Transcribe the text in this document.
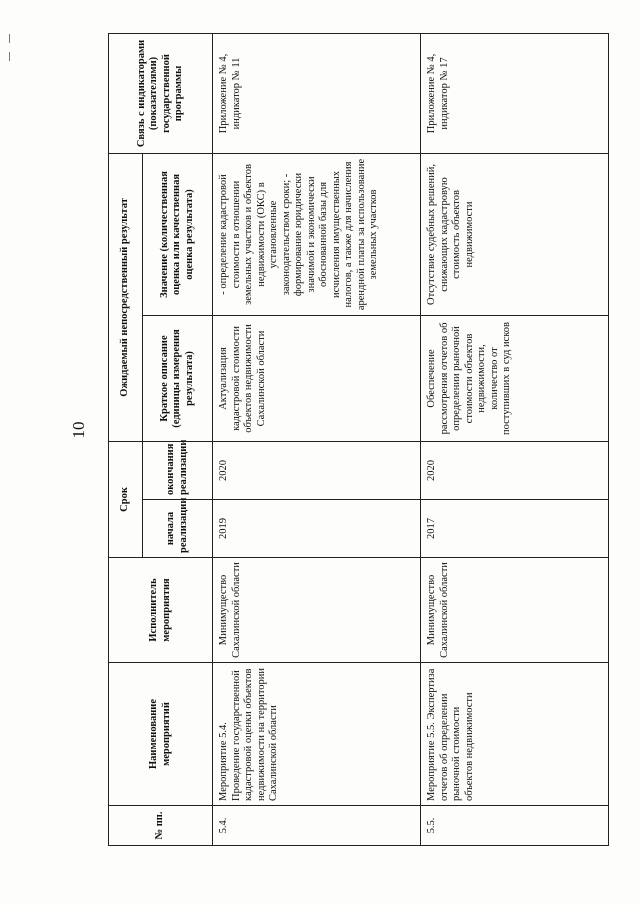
10
№ пп.	Наименование мероприятий	Исполнитель мероприятия	Срок		Ожидаемый непосредственный результат		Связь с индикаторами (показателями) государственной программы
			начала реализации	окончания реализации	Краткое описание (единицы измерения результата)	Значение (количественная оценка или качественная оценка результата)	
5.4.	Мероприятие 5.4. Проведение государственной кадастровой оценки объектов недвижимости на территории Сахалинской области	Минимущество Сахалинской области	2019	2020	Актуализация кадастровой стоимости объектов недвижимости Сахалинской области	- определение кадастровой стоимости в отношении земельных участков и объектов недвижимости (ОКС) в установленные законодательством сроки; - формирование юридически значимой и экономически обоснованной базы для исчисления имущественных налогов, а также для начисления арендной платы за использование земельных участков	Приложение № 4, индикатор № 11
5.5.	Мероприятие 5.5. Экспертиза отчетов об определении рыночной стоимости объектов недвижимости	Минимущество Сахалинской области	2017	2020	Обеспечение рассмотрения отчетов об определении рыночной стоимости объектов недвижимости, количество от поступивших в суд исков	Отсутствие судебных решений, снижающих кадастровую стоимость объектов недвижимости	Приложение № 4, индикатор № 17
